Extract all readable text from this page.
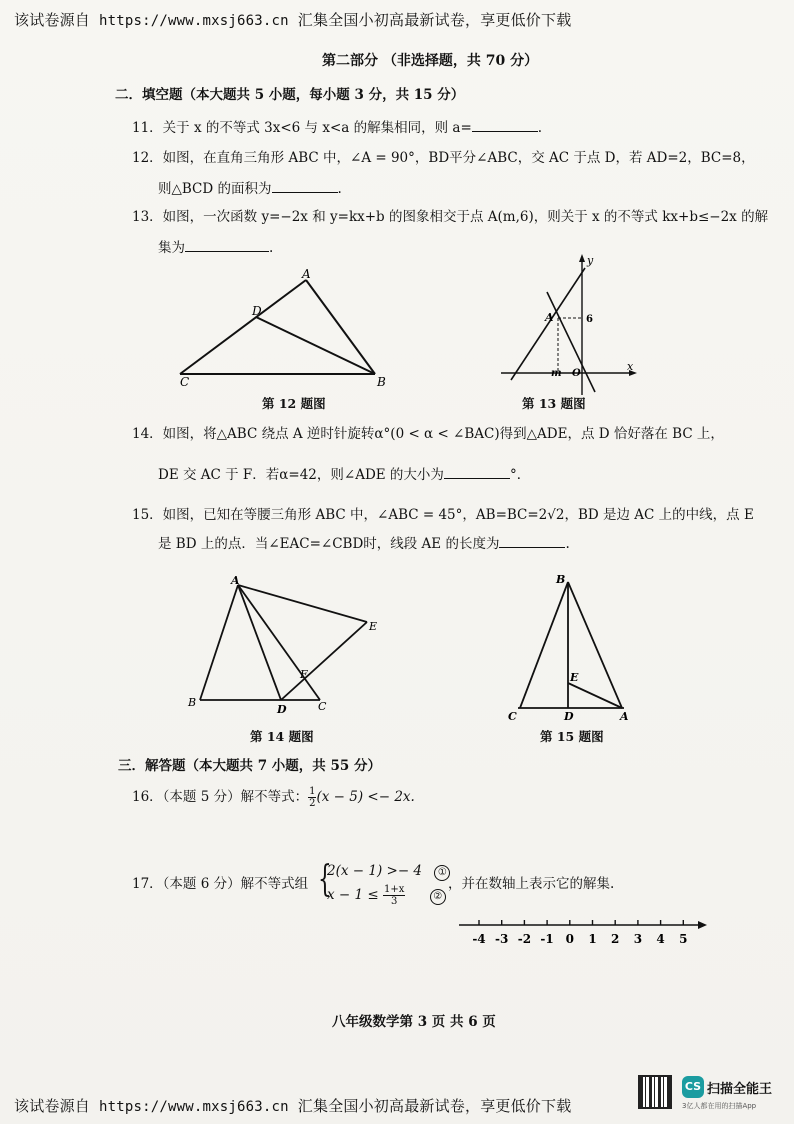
该试卷源自 https://www.mxsj663.cn 汇集全国小初高最新试卷，享更低价下载
第二部分 （非选择题，共 70 分）
二．填空题（本大题共 5 小题，每小题 3 分，共 15 分）
11．关于 x 的不等式 3x<6 与 x<a 的解集相同，则 a=	.
12．如图，在直角三角形 ABC 中，∠A = 90°，BD平分∠ABC，交 AC 于点 D，若 AD=2，BC=8，
则△BCD 的面积为	.
13．如图，一次函数 y=−2x 和 y=kx+b 的图象相交于点 A(m,6)，则关于 x 的不等式 kx+b≤−2x 的解
集为	.
A
D
C	B
第 12 题图
y
x
A	6
m O
第 13 题图
14．如图，将△ABC 绕点 A 逆时针旋转α°(0 < α < ∠BAC)得到△ADE，点 D 恰好落在 BC 上，
DE 交 AC 于 F．若α=42，则∠ADE 的大小为	°．
15．如图，已知在等腰三角形 ABC 中，∠ABC = 45°，AB=BC=2√2，BD 是边 AC 上的中线，点 E
是 BD 上的点．当∠EAC=∠CBD时，线段 AE 的长度为	.
A
E
F
B
D	C
第 14 题图
B
E
C	D	A
第 15 题图
三．解答题（本大题共 7 小题，共 55 分）
16．（本题 5 分）解不等式： $\frac{1}{2} (x - 5) <- 2x$.
17．（本题 6 分）解不等式组 {
2(x − 1) >− 4 ①
$x - 1 \le \frac{1+x}{3}$	②
，并在数轴上表示它的解集.
-4 -3 -2 -1 0 1 2 3 4 5
八年级数学第 3 页 共 6 页
CS 扫描全能王
3亿人都在用的扫描App
该试卷源自 https://www.mxsj663.cn 汇集全国小初高最新试卷，享更低价下载
